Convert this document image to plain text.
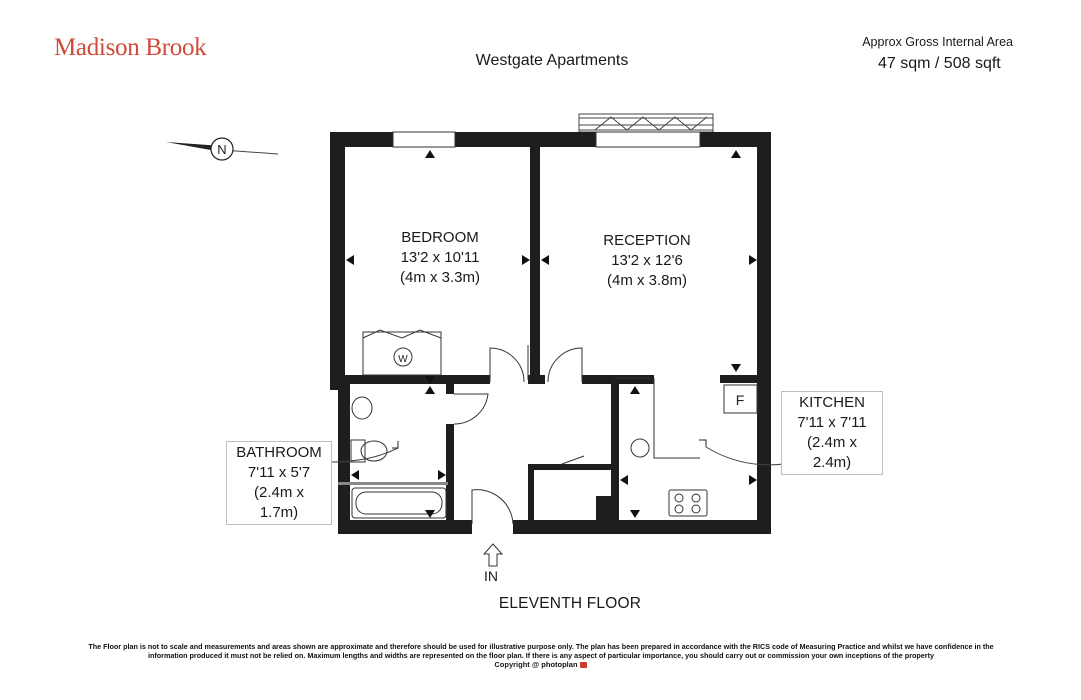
Madison Brook	Westgate Apartments
Approx Gross Internal Area
47 sqm / 508 sqft
N
W
F
BEDROOM
13'2 x 10'11
(4m x 3.3m)
RECEPTION
13'2 x 12'6
(4m x 3.8m)
KITCHEN
7'11 x 7'11
(2.4m x 2.4m)
BATHROOM
7'11 x 5'7
(2.4m x 1.7m)
IN
ELEVENTH FLOOR
The Floor plan is not to scale and measurements and areas shown are approximate and therefore should be used for illustrative purpose only. The plan has been prepared in accordance with the RICS code of Measuring Practice and whilst we have confidence in the information produced it must not be relied on. Maximum lengths and widths are represented on the floor plan. If there is any aspect of particular importance, you should carry out or commission your own inceptions of the property
Copyright @ photoplan
